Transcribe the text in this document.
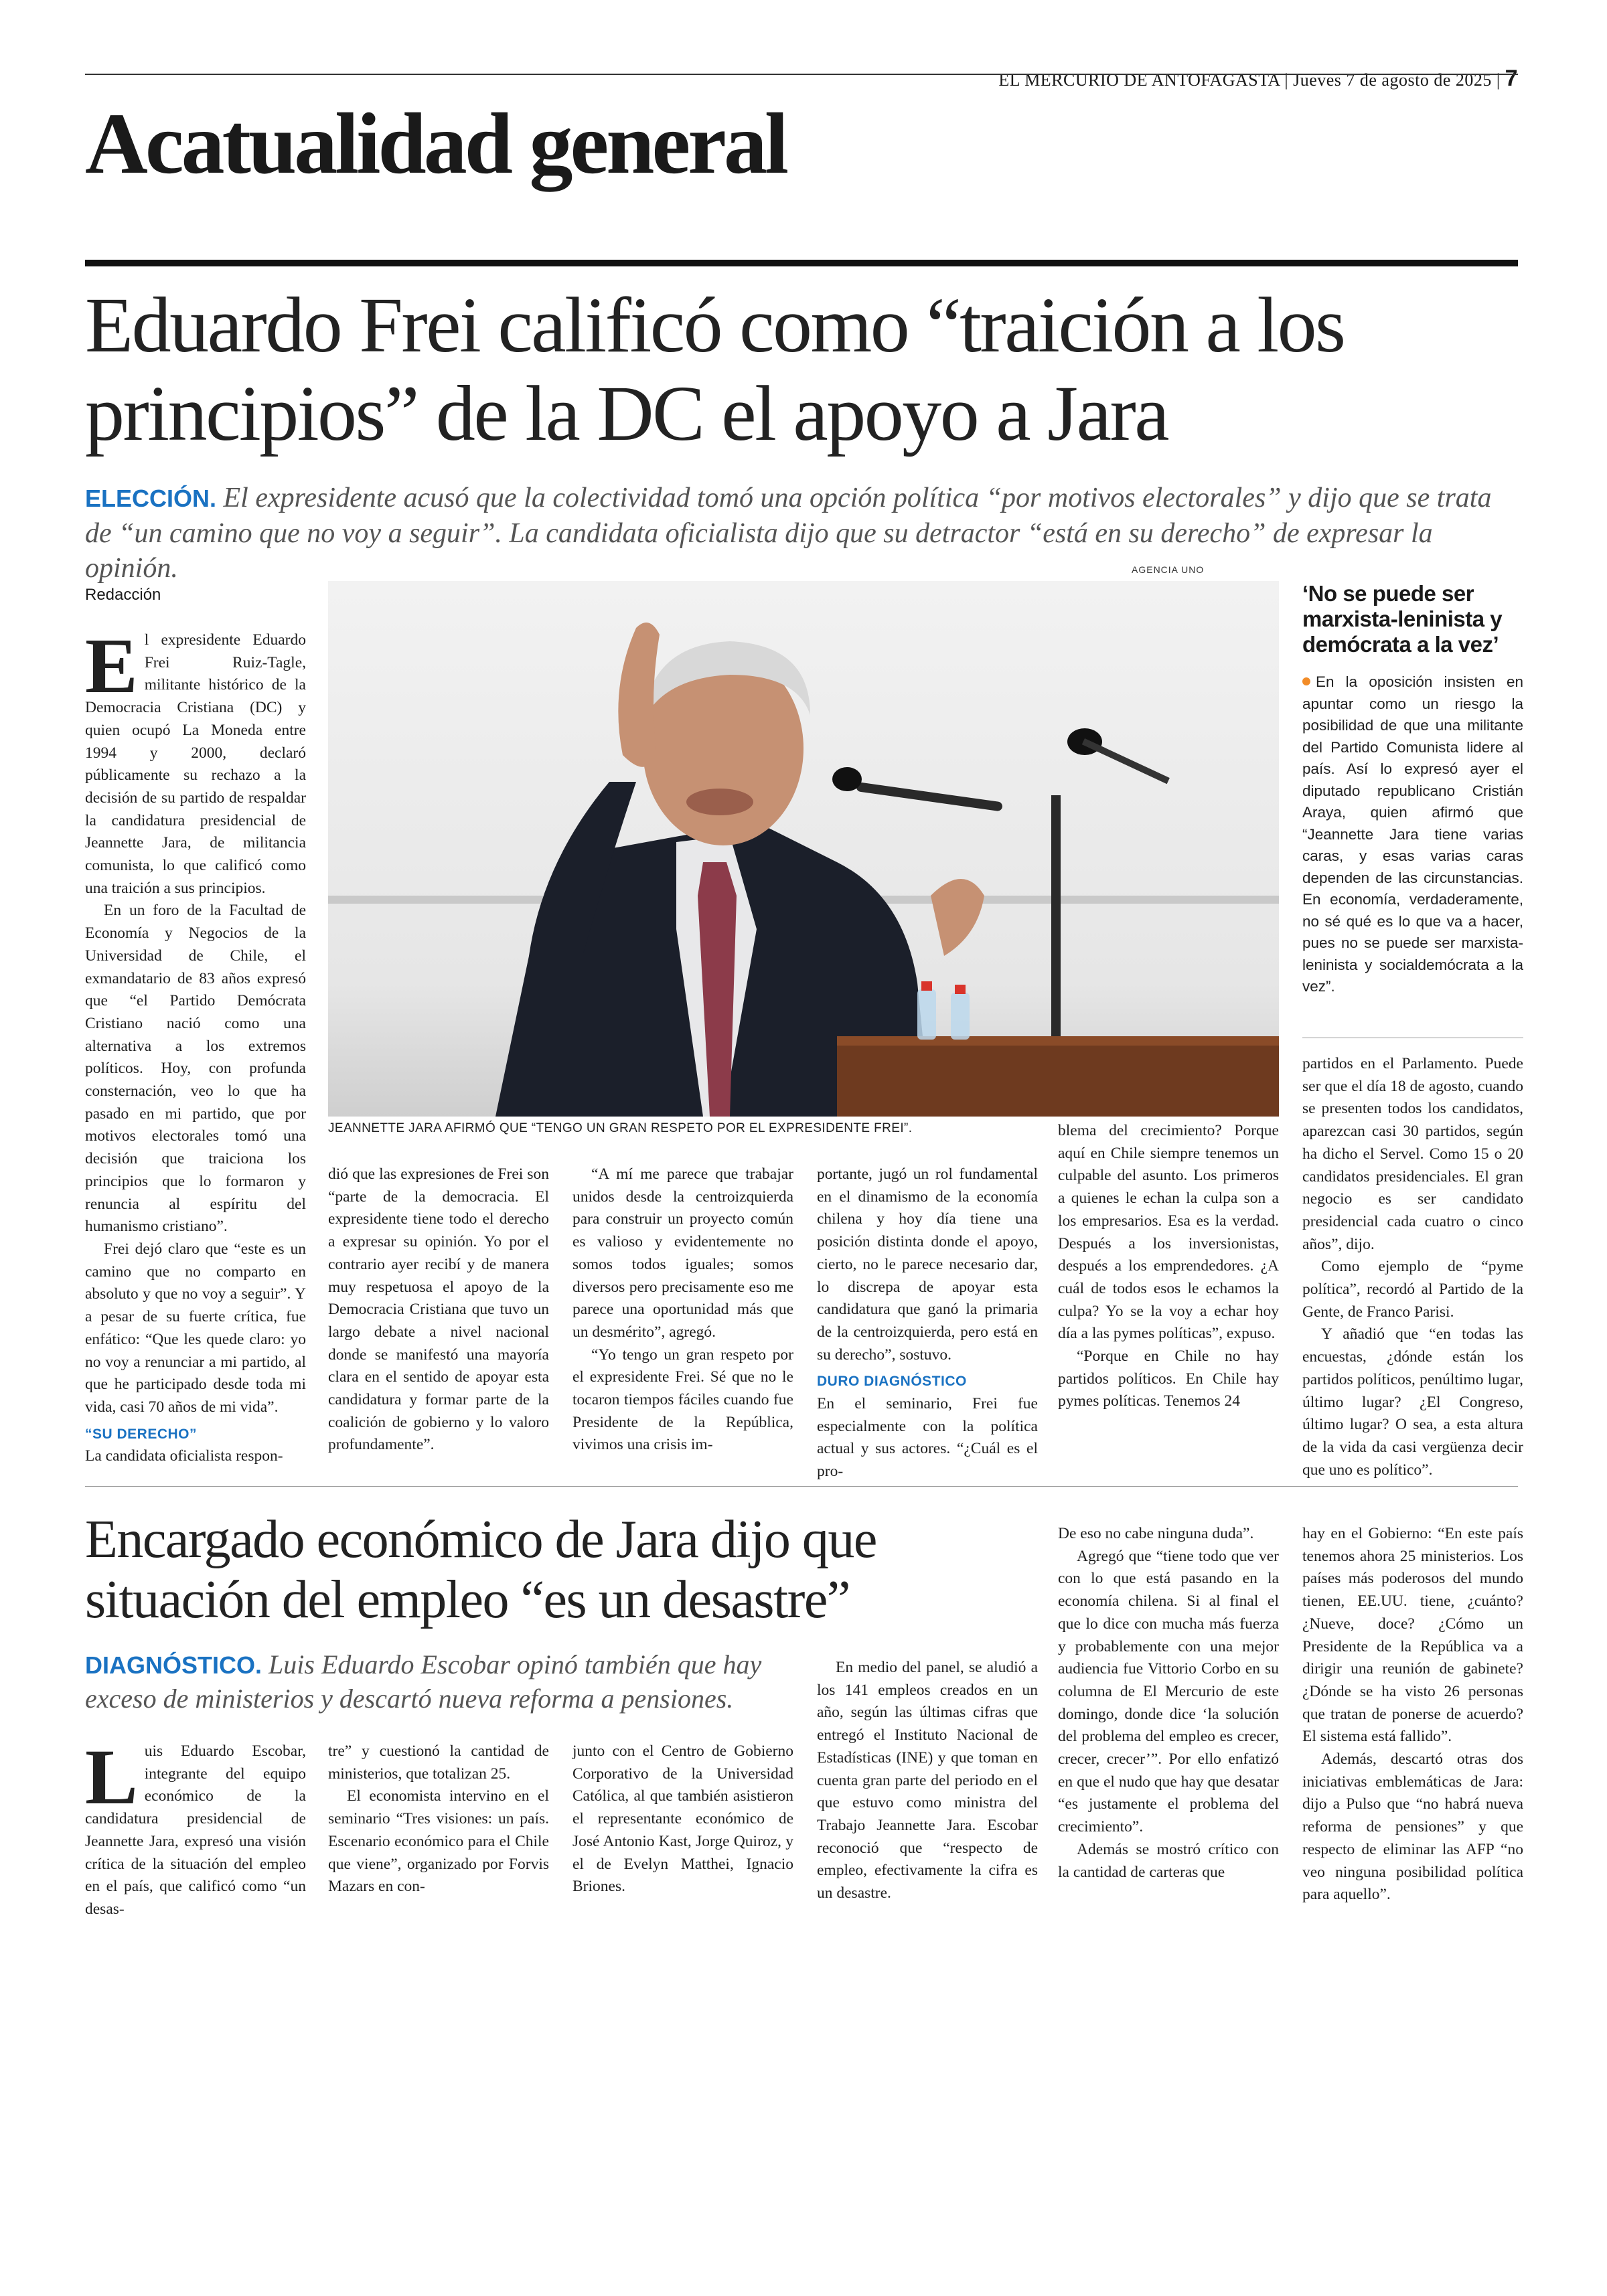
EL MERCURIO DE ANTOFAGASTA | Jueves 7 de agosto de 2025 | 7
Acatualidad general
Eduardo Frei calificó como “traición a los principios” de la DC el apoyo a Jara
ELECCIÓN. El expresidente acusó que la colectividad tomó una opción política “por motivos electorales” y dijo que se trata de “un camino que no voy a seguir”. La candidata oficialista dijo que su detractor “está en su derecho” de expresar la opinión.
Redacción
AGENCIA UNO
JEANNETTE JARA AFIRMÓ QUE “TENGO UN GRAN RESPETO POR EL EXPRESIDENTE FREI”.
‘No se puede ser marxista-leninista y demócrata a la vez’
En la oposición insisten en apuntar como un riesgo la posibilidad de que una militante del Partido Comunista lidere al país. Así lo expresó ayer el diputado republicano Cristián Araya, quien afirmó que “Jeannette Jara tiene varias caras, y esas varias caras dependen de las circunstancias. En economía, verdaderamente, no sé qué es lo que va a hacer, pues no se puede ser marxista-leninista y socialdemócrata a la vez”.

El expresidente Eduardo Frei Ruiz-Tagle, militante histórico de la Democracia Cristiana (DC) y quien ocupó La Moneda entre 1994 y 2000, declaró públicamente su rechazo a la decisión de su partido de respaldar la candidatura presidencial de Jeannette Jara, de militancia comunista, lo que calificó como una traición a sus principios.

En un foro de la Facultad de Economía y Negocios de la Universidad de Chile, el exmandatario de 83 años expresó que “el Partido Demócrata Cristiano nació como una alternativa a los extremos políticos. Hoy, con profunda consternación, veo lo que ha pasado en mi partido, que por motivos electorales tomó una decisión que traiciona los principios que lo formaron y renuncia al espíritu del humanismo cristiano”.

Frei dejó claro que “este es un camino que no comparto en absoluto y que no voy a seguir”. Y a pesar de su fuerte crítica, fue enfático: “Que les quede claro: yo no voy a renunciar a mi partido, al que he participado desde toda mi vida, casi 70 años de mi vida”.

“SU DERECHO”

La candidata oficialista respon-

dió que las expresiones de Frei son “parte de la democracia. El expresidente tiene todo el derecho a expresar su opinión. Yo por el contrario ayer recibí y de manera muy respetuosa el apoyo de la Democracia Cristiana que tuvo un largo debate a nivel nacional donde se manifestó una mayoría clara en el sentido de apoyar esta candidatura y formar parte de la coalición de gobierno y lo valoro profundamente”.

“A mí me parece que trabajar unidos desde la centroizquierda para construir un proyecto común es valioso y evidentemente no somos todos iguales; somos diversos pero precisamente eso me parece una oportunidad más que un desmérito”, agregó.

“Yo tengo un gran respeto por el expresidente Frei. Sé que no le tocaron tiempos fáciles cuando fue Presidente de la República, vivimos una crisis im-

portante, jugó un rol fundamental en el dinamismo de la economía chilena y hoy día tiene una posición distinta donde el apoyo, cierto, no le parece necesario dar, lo discrepa de apoyar esta candidatura que ganó la primaria de la centroizquierda, pero está en su derecho”, sostuvo.

DURO DIAGNÓSTICO

En el seminario, Frei fue especialmente con la política actual y sus actores. “¿Cuál es el pro-

blema del crecimiento? Porque aquí en Chile siempre tenemos un culpable del asunto. Los primeros a quienes le echan la culpa son a los empresarios. Esa es la verdad. Después a los inversionistas, después a los emprendedores. ¿A cuál de todos esos le echamos la culpa? Yo se la voy a echar hoy día a las pymes políticas”, expuso.

“Porque en Chile no hay partidos políticos. En Chile hay pymes políticas. Tenemos 24

partidos en el Parlamento. Puede ser que el día 18 de agosto, cuando se presenten todos los candidatos, aparezcan casi 30 partidos, según ha dicho el Servel. Como 15 o 20 candidatos presidenciales. El gran negocio es ser candidato presidencial cada cuatro o cinco años”, dijo.

Como ejemplo de “pyme política”, recordó al Partido de la Gente, de Franco Parisi.

Y añadió que “en todas las encuestas, ¿dónde están los partidos políticos, penúltimo lugar, último lugar? ¿El Congreso, último lugar? O sea, a esta altura de la vida da casi vergüenza decir que uno es político”.

Encargado económico de Jara dijo que situación del empleo “es un desastre”
DIAGNÓSTICO. Luis Eduardo Escobar opinó también que hay exceso de ministerios y descartó nueva reforma a pensiones.

Luis Eduardo Escobar, integrante del equipo económico de la candidatura presidencial de Jeannette Jara, expresó una visión crítica de la situación del empleo en el país, que calificó como “un desas-

tre” y cuestionó la cantidad de ministerios, que totalizan 25.

El economista intervino en el seminario “Tres visiones: un país. Escenario económico para el Chile que viene”, organizado por Forvis Mazars en con-

junto con el Centro de Gobierno Corporativo de la Universidad Católica, al que también asistieron el representante económico de José Antonio Kast, Jorge Quiroz, y el de Evelyn Matthei, Ignacio Briones.

En medio del panel, se aludió a los 141 empleos creados en un año, según las últimas cifras que entregó el Instituto Nacional de Estadísticas (INE) y que toman en cuenta gran parte del periodo en el que estuvo como ministra del Trabajo Jeannette Jara. Escobar reconoció que “respecto de empleo, efectivamente la cifra es un desastre.

De eso no cabe ninguna duda”.

Agregó que “tiene todo que ver con lo que está pasando en la economía chilena. Si al final el que lo dice con mucha más fuerza y probablemente con una mejor audiencia fue Vittorio Corbo en su columna de El Mercurio de este domingo, donde dice ‘la solución del problema del empleo es crecer, crecer, crecer’”. Por ello enfatizó en que el nudo que hay que desatar “es justamente el problema del crecimiento”.

Además se mostró crítico con la cantidad de carteras que

hay en el Gobierno: “En este país tenemos ahora 25 ministerios. Los países más poderosos del mundo tienen, EE.UU. tiene, ¿cuánto? ¿Nueve, doce? ¿Cómo un Presidente de la República va a dirigir una reunión de gabinete? ¿Dónde se ha visto 26 personas que tratan de ponerse de acuerdo? El sistema está fallido”.

Además, descartó otras dos iniciativas emblemáticas de Jara: dijo a Pulso que “no habrá nueva reforma de pensiones” y que respecto de eliminar las AFP “no veo ninguna posibilidad política para aquello”.
